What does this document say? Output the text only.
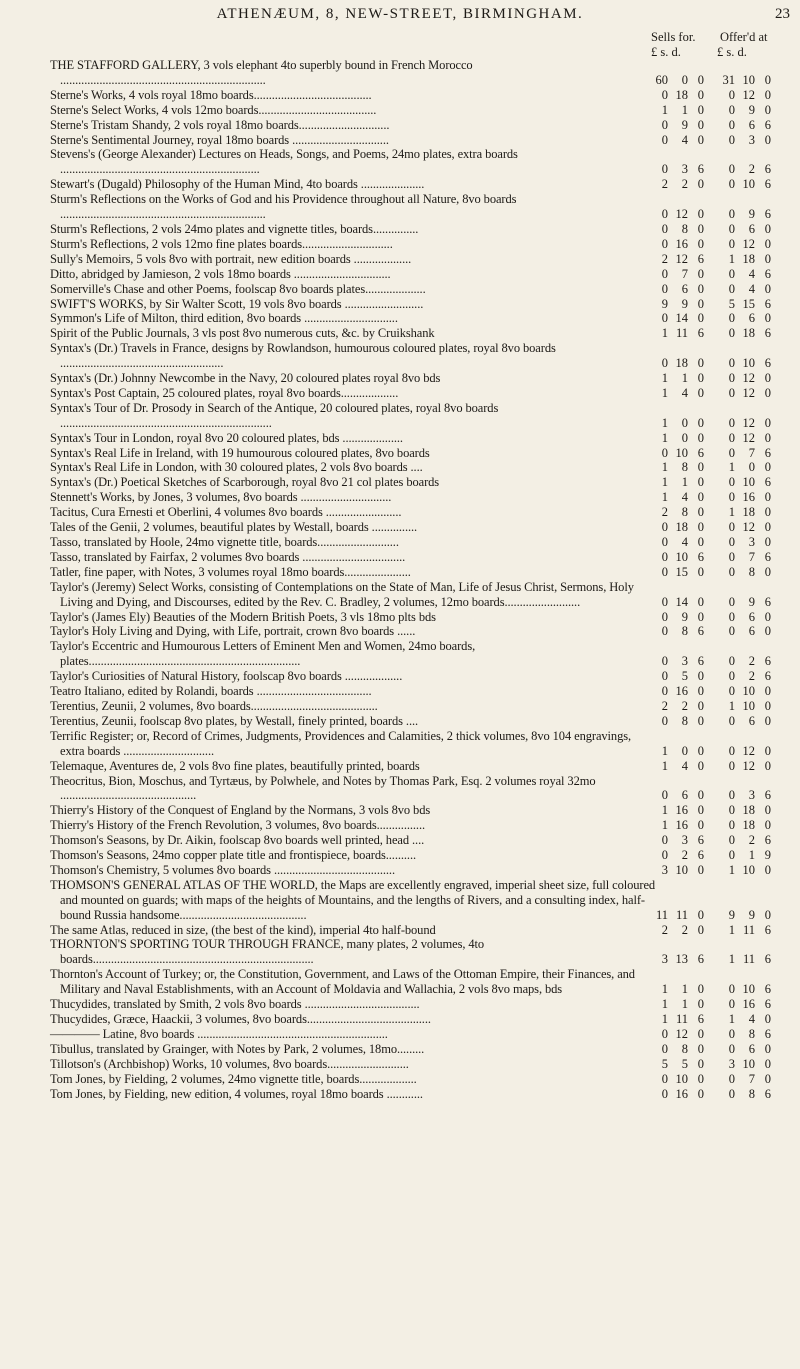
ATHENÆUM, 8, NEW-STREET, BIRMINGHAM.	23
Sells for. Offer'd at
£ s. d.	£ s. d.
THE STAFFORD GALLERY, 3 vols elephant 4to superbly bound in French Morocco ....................................................................	60 0 0	31 10 0
Sterne's Works, 4 vols royal 18mo boards.......................................	0 18 0	0 12 0
Sterne's Select Works, 4 vols 12mo boards.......................................	1 1 0	0 9 0
Sterne's Tristam Shandy, 2 vols royal 18mo boards..............................	0 9 0	0 6 6
Sterne's Sentimental Journey, royal 18mo boards ................................	0 4 0	0 3 0
Stevens's (George Alexander) Lectures on Heads, Songs, and Poems, 24mo plates, extra boards ..................................................................	0 3 6	0 2 6
Stewart's (Dugald) Philosophy of the Human Mind, 4to boards .....................	2 2 0	0 10 6
Sturm's Reflections on the Works of God and his Providence throughout all Nature, 8vo boards ....................................................................	0 12 0	0 9 6
Sturm's Reflections, 2 vols 24mo plates and vignette titles, boards...............	0 8 0	0 6 0
Sturm's Reflections, 2 vols 12mo fine plates boards..............................	0 16 0	0 12 0
Sully's Memoirs, 5 vols 8vo with portrait, new edition boards ...................	2 12 6	1 18 0
Ditto, abridged by Jamieson, 2 vols 18mo boards ................................	0 7 0	0 4 6
Somerville's Chase and other Poems, foolscap 8vo boards plates....................	0 6 0	0 4 0
SWIFT'S WORKS, by Sir Walter Scott, 19 vols 8vo boards ..........................	9 9 0	5 15 6
Symmon's Life of Milton, third edition, 8vo boards ...............................	0 14 0	0 6 0
Spirit of the Public Journals, 3 vls post 8vo numerous cuts, &c. by Cruikshank	1 11 6	0 18 6
Syntax's (Dr.) Travels in France, designs by Rowlandson, humourous coloured plates, royal 8vo boards ......................................................	0 18 0	0 10 6
Syntax's (Dr.) Johnny Newcombe in the Navy, 20 coloured plates royal 8vo bds	1 1 0	0 12 0
Syntax's Post Captain, 25 coloured plates, royal 8vo boards...................	1 4 0	0 12 0
Syntax's Tour of Dr. Prosody in Search of the Antique, 20 coloured plates, royal 8vo boards ......................................................................	1 0 0	0 12 0
Syntax's Tour in London, royal 8vo 20 coloured plates, bds ....................	1 0 0	0 12 0
Syntax's Real Life in Ireland, with 19 humourous coloured plates, 8vo boards	0 10 6	0 7 6
Syntax's Real Life in London, with 30 coloured plates, 2 vols 8vo boards ....	1 8 0	1 0 0
Syntax's (Dr.) Poetical Sketches of Scarborough, royal 8vo 21 col plates boards	1 1 0	0 10 6
Stennett's Works, by Jones, 3 volumes, 8vo boards ..............................	1 4 0	0 16 0
Tacitus, Cura Ernesti et Oberlini, 4 volumes 8vo boards .........................	2 8 0	1 18 0
Tales of the Genii, 2 volumes, beautiful plates by Westall, boards ...............	0 18 0	0 12 0
Tasso, translated by Hoole, 24mo vignette title, boards...........................	0 4 0	0 3 0
Tasso, translated by Fairfax, 2 volumes 8vo boards ..................................	0 10 6	0 7 6
Tatler, fine paper, with Notes, 3 volumes royal 18mo boards......................	0 15 0	0 8 0
Taylor's (Jeremy) Select Works, consisting of Contemplations on the State of Man, Life of Jesus Christ, Sermons, Holy Living and Dying, and Discourses, edited by the Rev. C. Bradley, 2 volumes, 12mo boards.........................	0 14 0	0 9 6
Taylor's (James Ely) Beauties of the Modern British Poets, 3 vls 18mo plts bds	0 9 0	0 6 0
Taylor's Holy Living and Dying, with Life, portrait, crown 8vo boards ......	0 8 6	0 6 0
Taylor's Eccentric and Humourous Letters of Eminent Men and Women, 24mo boards, plates......................................................................	0 3 6	0 2 6
Taylor's Curiosities of Natural History, foolscap 8vo boards ...................	0 5 0	0 2 6
Teatro Italiano, edited by Rolandi, boards ......................................	0 16 0	0 10 0
Terentius, Zeunii, 2 volumes, 8vo boards..........................................	2 2 0	1 10 0
Terentius, Zeunii, foolscap 8vo plates, by Westall, finely printed, boards ....	0 8 0	0 6 0
Terrific Register; or, Record of Crimes, Judgments, Providences and Calamities, 2 thick volumes, 8vo 104 engravings, extra boards ..............................	1 0 0	0 12 0
Telemaque, Aventures de, 2 vols 8vo fine plates, beautifully printed, boards	1 4 0	0 12 0
Theocritus, Bion, Moschus, and Tyrtæus, by Polwhele, and Notes by Thomas Park, Esq. 2 volumes royal 32mo .............................................	0 6 0	0 3 6
Thierry's History of the Conquest of England by the Normans, 3 vols 8vo bds	1 16 0	0 18 0
Thierry's History of the French Revolution, 3 volumes, 8vo boards................	1 16 0	0 18 0
Thomson's Seasons, by Dr. Aikin, foolscap 8vo boards well printed, head ....	0 3 6	0 2 6
Thomson's Seasons, 24mo copper plate title and frontispiece, boards..........	0 2 6	0 1 9
Thomson's Chemistry, 5 volumes 8vo boards ........................................	3 10 0	1 10 0
THOMSON'S GENERAL ATLAS OF THE WORLD, the Maps are excellently engraved, imperial sheet size, full coloured and mounted on guards; with maps of the heights of Mountains, and the lengths of Rivers, and a consulting index, half-bound Russia handsome..........................................	11 11 0	9 9 0
The same Atlas, reduced in size, (the best of the kind), imperial 4to half-bound	2 2 0	1 11 6
THORNTON'S SPORTING TOUR THROUGH FRANCE, many plates, 2 volumes, 4to boards.........................................................................	3 13 6	1 11 6
Thornton's Account of Turkey; or, the Constitution, Government, and Laws of the Ottoman Empire, their Finances, and Military and Naval Establishments, with an Account of Moldavia and Wallachia, 2 vols 8vo maps, bds	1 1 0	0 10 6
Thucydides, translated by Smith, 2 vols 8vo boards ......................................	1 1 0	0 16 6
Thucydides, Græce, Haackii, 3 volumes, 8vo boards.........................................	1 11 6	1 4 0
———— Latine, 8vo boards ...............................................................	0 12 0	0 8 6
Tibullus, translated by Grainger, with Notes by Park, 2 volumes, 18mo.........	0 8 0	0 6 0
Tillotson's (Archbishop) Works, 10 volumes, 8vo boards...........................	5 5 0	3 10 0
Tom Jones, by Fielding, 2 volumes, 24mo vignette title, boards...................	0 10 0	0 7 0
Tom Jones, by Fielding, new edition, 4 volumes, royal 18mo boards ............	0 16 0	0 8 6
